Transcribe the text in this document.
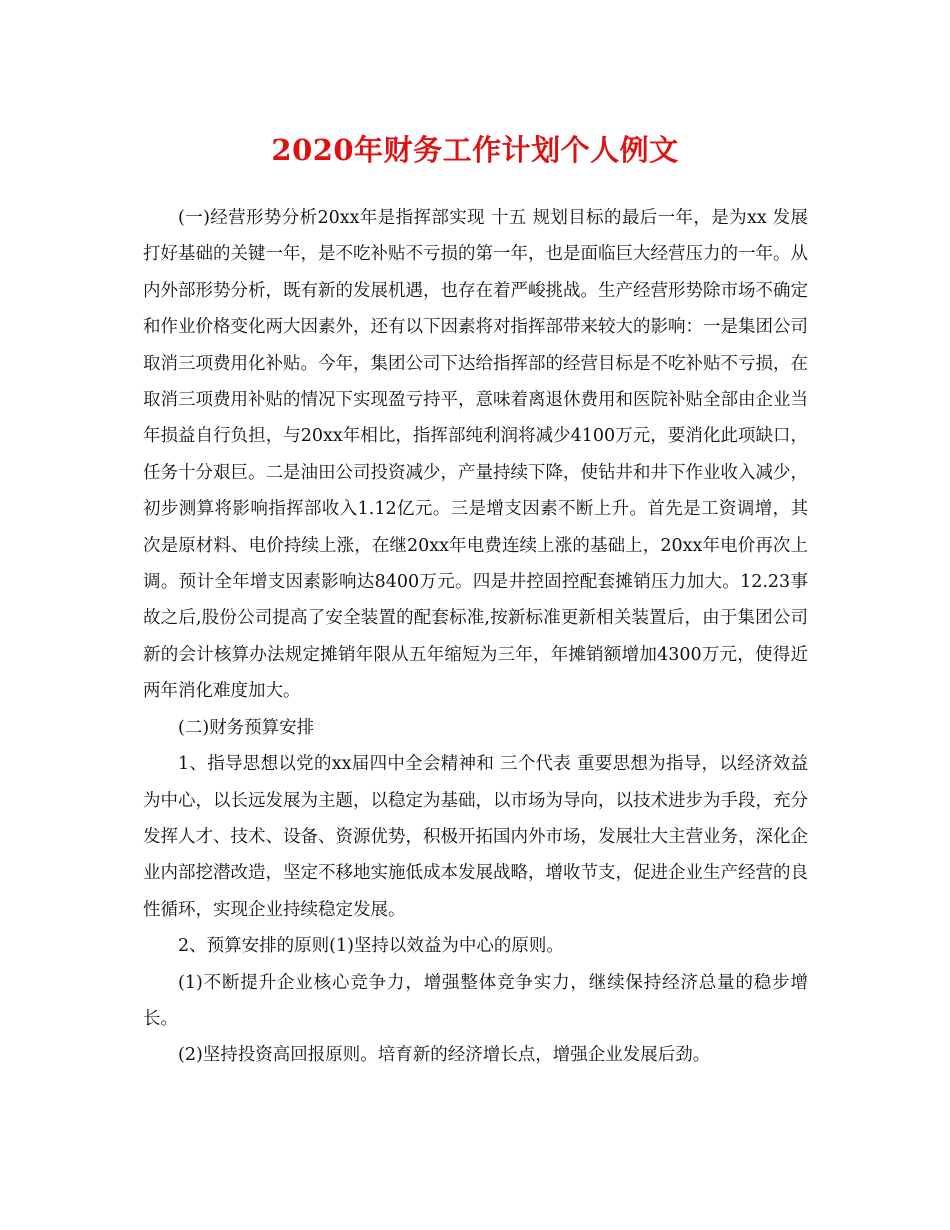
2020年财务工作计划个人例文

(一)经营形势分析20xx年是指挥部实现 十五 规划目标的最后一年，是为xx 发展打好基础的关键一年，是不吃补贴不亏损的第一年，也是面临巨大经营压力的一年。从内外部形势分析，既有新的发展机遇，也存在着严峻挑战。生产经营形势除市场不确定和作业价格变化两大因素外，还有以下因素将对指挥部带来较大的影响：一是集团公司取消三项费用化补贴。今年，集团公司下达给指挥部的经营目标是不吃补贴不亏损，在取消三项费用补贴的情况下实现盈亏持平，意味着离退休费用和医院补贴全部由企业当年损益自行负担，与20xx年相比，指挥部纯利润将减少4100万元，要消化此项缺口，任务十分艰巨。二是油田公司投资减少，产量持续下降，使钻井和井下作业收入减少，初步测算将影响指挥部收入1.12亿元。三是增支因素不断上升。首先是工资调增，其次是原材料、电价持续上涨，在继20xx年电费连续上涨的基础上，20xx年电价再次上调。预计全年增支因素影响达8400万元。四是井控固控配套摊销压力加大。12.23事故之后,股份公司提高了安全装置的配套标准,按新标准更新相关装置后，由于集团公司新的会计核算办法规定摊销年限从五年缩短为三年，年摊销额增加4300万元，使得近两年消化难度加大。

(二)财务预算安排

1、指导思想以党的xx届四中全会精神和 三个代表 重要思想为指导，以经济效益为中心，以长远发展为主题，以稳定为基础，以市场为导向，以技术进步为手段，充分发挥人才、技术、设备、资源优势，积极开拓国内外市场，发展壮大主营业务，深化企业内部挖潜改造，坚定不移地实施低成本发展战略，增收节支，促进企业生产经营的良性循环，实现企业持续稳定发展。

2、预算安排的原则(1)坚持以效益为中心的原则。

(1)不断提升企业核心竞争力，增强整体竞争实力，继续保持经济总量的稳步增长。

(2)坚持投资高回报原则。培育新的经济增长点，增强企业发展后劲。
